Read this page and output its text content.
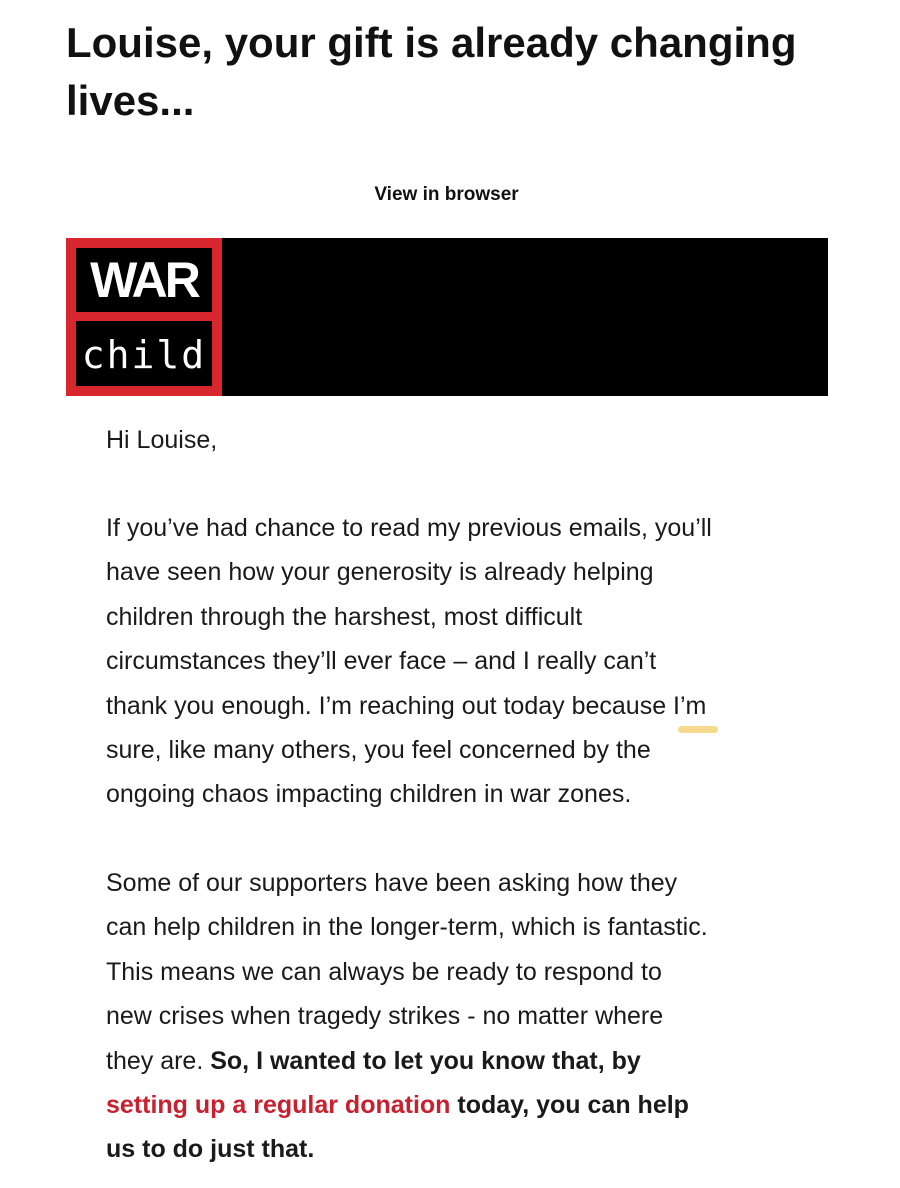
Louise, your gift is already changing lives...
View in browser
WAR
child

Hi Louise,

If you’ve had chance to read my previous emails, you’ll
have seen how your generosity is already helping
children through the harshest, most difficult
circumstances they’ll ever face – and I really can’t
thank you enough. I’m reaching out today because I’m
sure, like many others, you feel concerned by the
ongoing chaos impacting children in war zones.

Some of our supporters have been asking how they
can help children in the longer-term, which is fantastic.
This means we can always be ready to respond to
new crises when tragedy strikes - no matter where
they are. So, I wanted to let you know that, by
setting up a regular donation today, you can help
us to do just that.
